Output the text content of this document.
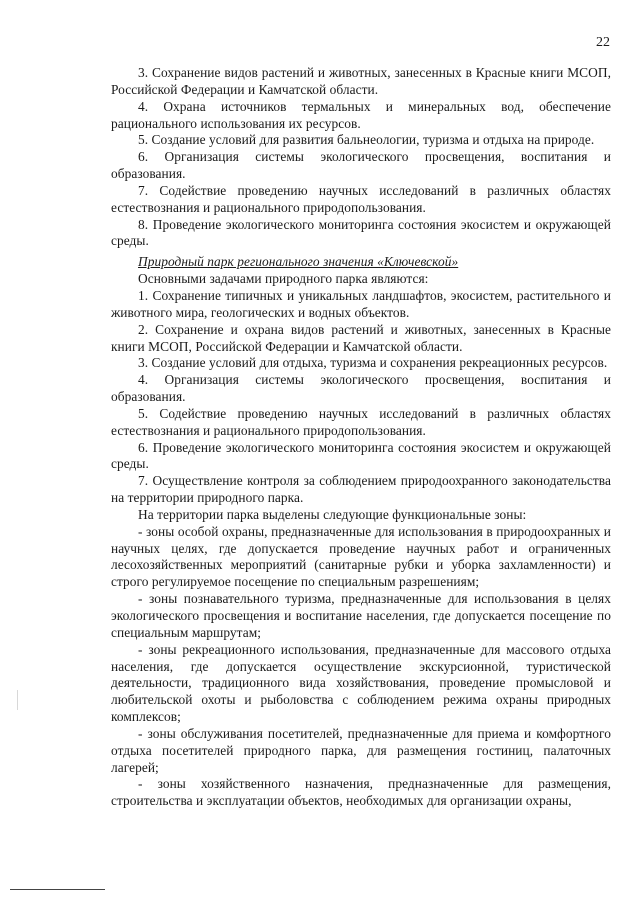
22

3. Сохранение видов растений и животных, занесенных в Красные книги МСОП, Российской Федерации и Камчатской области.

4. Охрана источников термальных и минеральных вод, обеспечение рационального использования их ресурсов.

5. Создание условий для развития бальнеологии, туризма и отдыха на природе.

6. Организация системы экологического просвещения, воспитания и образования.

7. Содействие проведению научных исследований в различных областях естествознания и рационального природопользования.

8. Проведение экологического мониторинга состояния экосистем и окружающей среды.

Природный парк регионального значения «Ключевской»

Основными задачами природного парка являются:

1. Сохранение типичных и уникальных ландшафтов, экосистем, растительного и животного мира, геологических и водных объектов.

2. Сохранение и охрана видов растений и животных, занесенных в Красные книги МСОП, Российской Федерации и Камчатской области.

3. Создание условий для отдыха, туризма и сохранения рекреационных ресурсов.

4. Организация системы экологического просвещения, воспитания и образования.

5. Содействие проведению научных исследований в различных областях естествознания и рационального природопользования.

6. Проведение экологического мониторинга состояния экосистем и окружающей среды.

7. Осуществление контроля за соблюдением природоохранного законодательства на территории природного парка.

На территории парка выделены следующие функциональные зоны:

- зоны особой охраны, предназначенные для использования в природоохранных и научных целях, где допускается проведение научных работ и ограниченных лесохозяйственных мероприятий (санитарные рубки и уборка захламленности) и строго регулируемое посещение по специальным разрешениям;

- зоны познавательного туризма, предназначенные для использования в целях экологического просвещения и воспитание населения, где допускается посещение по специальным маршрутам;

- зоны рекреационного использования, предназначенные для массового отдыха населения, где допускается осуществление экскурсионной, туристической деятельности, традиционного вида хозяйствования, проведение промысловой и любительской охоты и рыболовства с соблюдением режима охраны природных комплексов;

- зоны обслуживания посетителей, предназначенные для приема и комфортного отдыха посетителей природного парка, для размещения гостиниц, палаточных лагерей;

- зоны хозяйственного назначения, предназначенные для размещения, строительства и эксплуатации объектов, необходимых для организации охраны,
